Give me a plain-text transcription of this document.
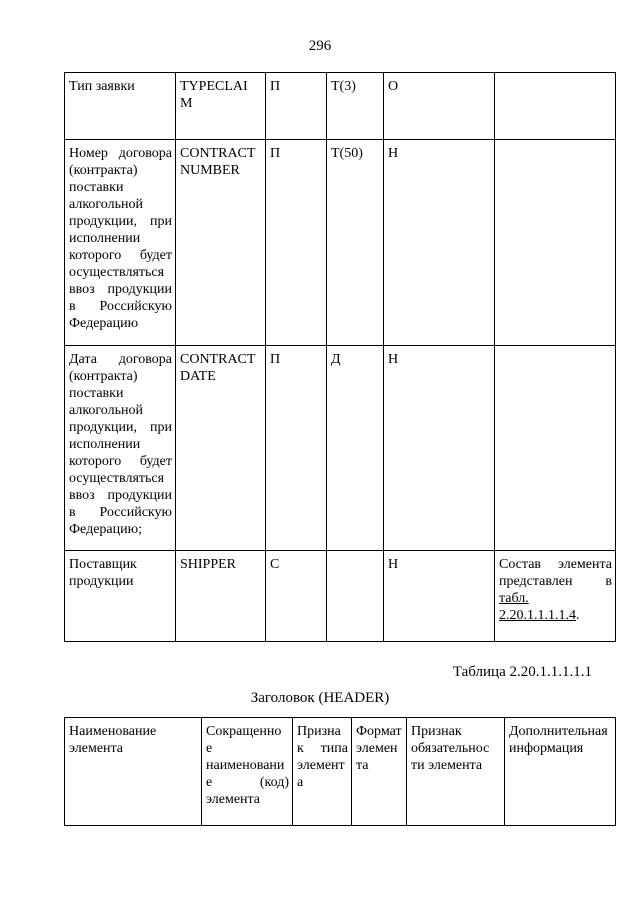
296
Тип заявки	TYPECLAI M	П	T(3)	О	
Номер договора (контракта) поставки алкогольной продукции, при исполнении которого будет осуществляться ввоз продукции в Российскую Федерацию	CONTRACT NUMBER	П	Т(50)	Н	
Дата договора (контракта) поставки алкогольной продукции, при исполнении которого будет осуществляться ввоз продукции в Российскую Федерацию;	CONTRACT DATE	П	Д	Н	
Поставщик продукции	SHIPPER	С		Н	Состав элемента представлен в табл. 2.20.1.1.1.1.4.
Таблица 2.20.1.1.1.1.1
Заголовок (HEADER)
Наименование элемента	Сокращенно е наименовани е (код) элемента	Призна к типа элемент а	Формат элемен та	Признак обязательнос ти элемента	Дополнительная информация
